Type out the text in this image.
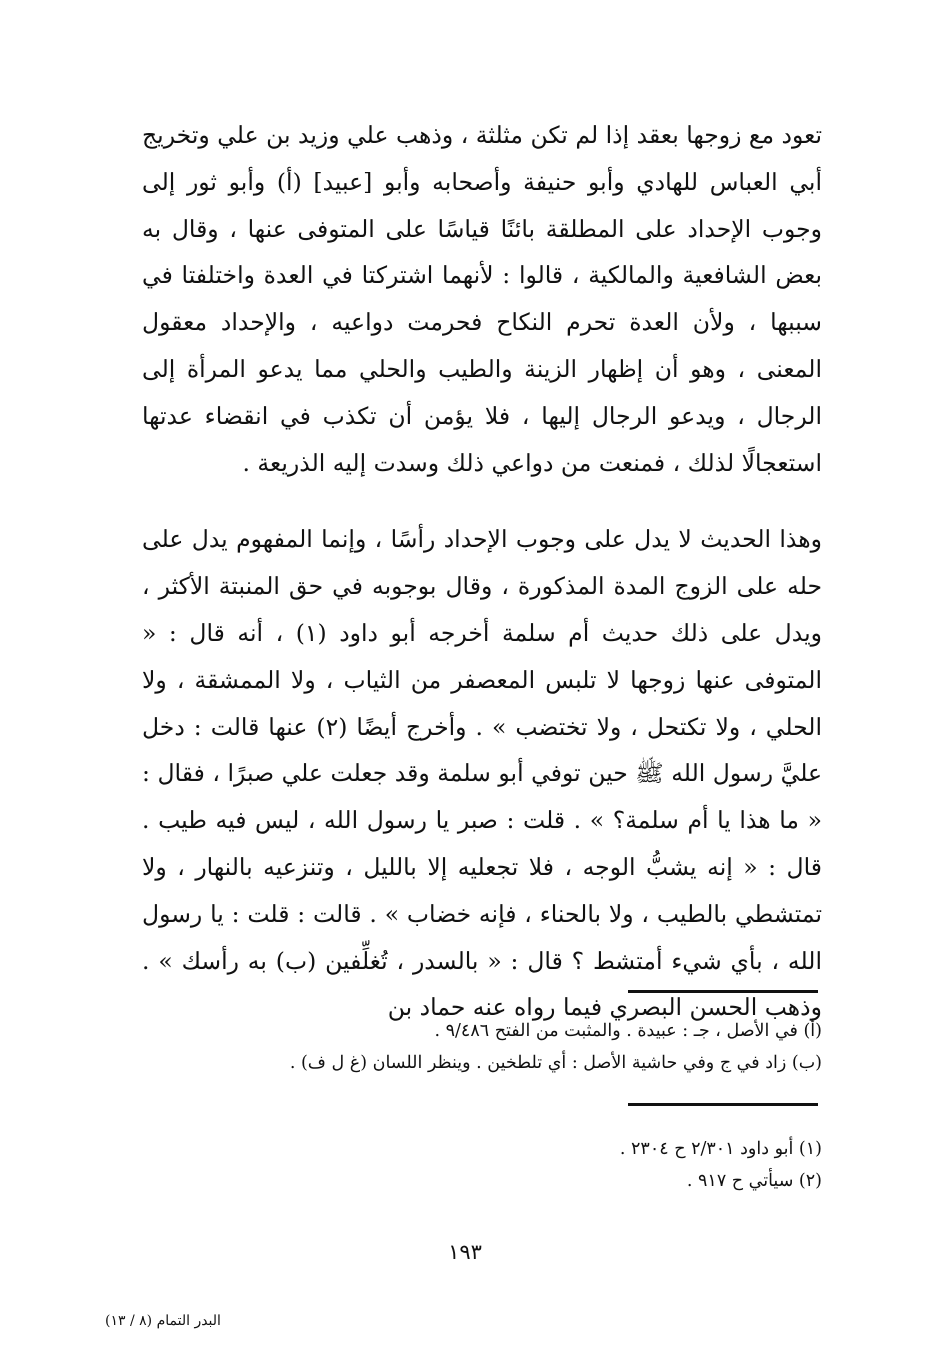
تعود مع زوجها بعقد إذا لم تكن مثلثة ، وذهب علي وزيد بن علي وتخريج أبي العباس للهادي وأبو حنيفة وأصحابه وأبو [عبيد] (أ) وأبو ثور إلى وجوب الإحداد على المطلقة بائنًا قياسًا على المتوفى عنها ، وقال به بعض الشافعية والمالكية ، قالوا : لأنهما اشتركتا في العدة واختلفتا في سببها ، ولأن العدة تحرم النكاح فحرمت دواعيه ، والإحداد معقول المعنى ، وهو أن إظهار الزينة والطيب والحلي مما يدعو المرأة إلى الرجال ، ويدعو الرجال إليها ، فلا يؤمن أن تكذب في انقضاء عدتها استعجالًا لذلك ، فمنعت من دواعي ذلك وسدت إليه الذريعة .

وهذا الحديث لا يدل على وجوب الإحداد رأسًا ، وإنما المفهوم يدل على حله على الزوج المدة المذكورة ، وقال بوجوبه في حق المنبتة الأكثر ، ويدل على ذلك حديث أم سلمة أخرجه أبو داود (١) ، أنه قال : « المتوفى عنها زوجها لا تلبس المعصفر من الثياب ، ولا الممشقة ، ولا الحلي ، ولا تكتحل ، ولا تختضب » . وأخرج أيضًا (٢) عنها قالت : دخل عليَّ رسول الله ﷺ حين توفي أبو سلمة وقد جعلت علي صبرًا ، فقال : « ما هذا يا أم سلمة؟ » . قلت : صبر يا رسول الله ، ليس فيه طيب . قال : « إنه يشبُّ الوجه ، فلا تجعليه إلا بالليل ، وتنزعيه بالنهار ، ولا تمتشطي بالطيب ، ولا بالحناء ، فإنه خضاب » . قالت : قلت : يا رسول الله ، بأي شيء أمتشط ؟ قال : « بالسدر ، تُغلِّفين (ب) به رأسك » . وذهب الحسن البصري فيما رواه عنه حماد بن

(أ) في الأصل ، جـ : عبيدة . والمثبت من الفتح ٩/٤٨٦ .
(ب) زاد في ج وفي حاشية الأصل : أي تلطخين . وينظر اللسان (غ ل ف) .
(١) أبو داود ٢/٣٠١ ح ٢٣٠٤ .
(٢) سيأتي ح ٩١٧ .
١٩٣
البدر التمام (٨ / ١٣)
